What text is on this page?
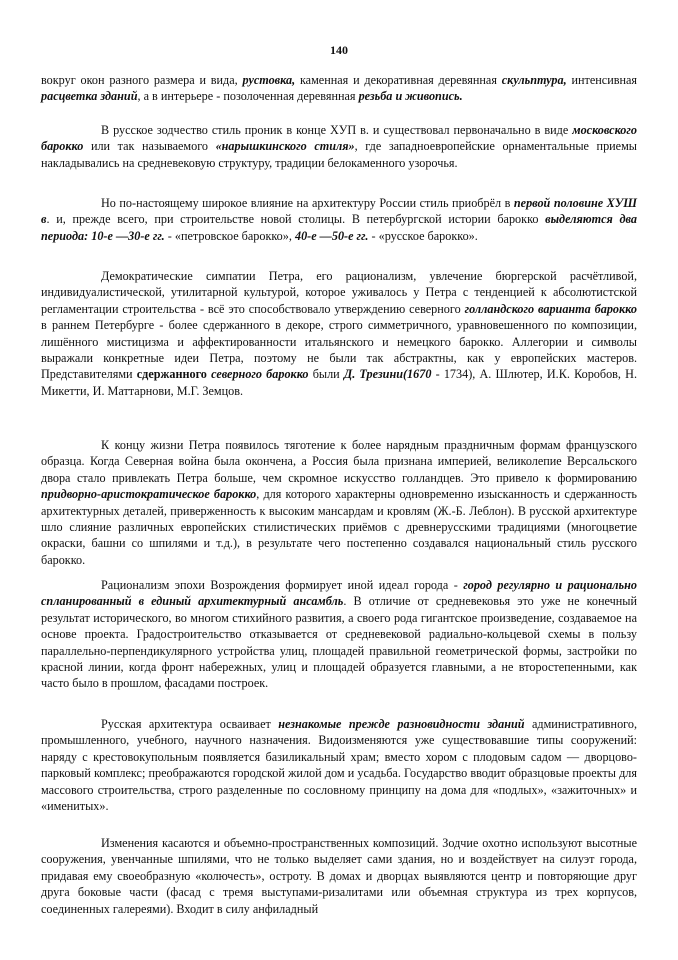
140

вокруг окон разного размера и вида, рустовка, каменная и декоративная деревянная скульптура, интенсивная расцветка зданий, а в интерьере - позолоченная деревянная резьба и живопись.

В русское зодчество стиль проник в конце ХУП в. и существовал первоначально в виде московского барокко или так называемого «нарышкинского стиля», где западноевропейские орнаментальные приемы накладывались на средневековую структуру, традиции белокаменного узорочья.

Но по-настоящему широкое влияние на архитектуру России стиль приобрёл в первой половине ХУШ в. и, прежде всего, при строительстве новой столицы. В петербургской истории барокко выделяются два периода: 10-е —30-е гг. - «петровское барокко», 40-е —50-е гг. - «русское барокко».

Демократические симпатии Петра, его рационализм, увлечение бюргерской расчётливой, индивидуалистической, утилитарной культурой, которое уживалось у Петра с тенденцией к абсолютистской регламентации строительства - всё это способствовало утверждению северного голландского варианта барокко в раннем Петербурге - более сдержанного в декоре, строго симметричного, уравновешенного по композиции, лишённого мистицизма и аффектированности итальянского и немецкого барокко. Аллегории и символы выражали конкретные идеи Петра, поэтому не были так абстрактны, как у европейских мастеров. Представителями сдержанного северного барокко были Д. Трезини(1670 - 1734), А. Шлютер, И.К. Коробов, Н. Микетти, И. Маттарнови, М.Г. Земцов.

К концу жизни Петра появилось тяготение к более нарядным праздничным формам французского образца. Когда Северная война была окончена, а Россия была признана империей, великолепие Версальского двора стало привлекать Петра больше, чем скромное искусство голландцев. Это привело к формированию придворно-аристократическое барокко, для которого характерны одновременно изысканность и сдержанность архитектурных деталей, приверженность к высоким мансардам и кровлям (Ж.-Б. Леблон). В русской архитектуре шло слияние различных европейских стилистических приёмов с древнерусскими традициями (многоцветие окраски, башни со шпилями и т.д.), в результате чего постепенно создавался национальный стиль русского барокко.

Рационализм эпохи Возрождения формирует иной идеал города - город регулярно и рационально спланированный в единый архитектурный ансамбль. В отличие от средневековья это уже не конечный результат исторического, во многом стихийного развития, а своего рода гигантское произведение, создаваемое на основе проекта. Градостроительство отказывается от средневековой радиально-кольцевой схемы в пользу параллельно-перпендикулярного устройства улиц, площадей правильной геометрической формы, застройки по красной линии, когда фронт набережных, улиц и площадей образуется главными, а не второстепенными, как часто было в прошлом, фасадами построек.

Русская архитектура осваивает незнакомые прежде разновидности зданий административного, промышленного, учебного, научного назначения. Видоизменяются уже существовавшие типы сооружений: наряду с крестовокупольным появляется базиликальный храм; вместо хором с плодовым садом — дворцово-парковый комплекс; преображаются городской жилой дом и усадьба. Государство вводит образцовые проекты для массового строительства, строго разделенные по сословному принципу на дома для «подлых», «зажиточных» и «именитых».

Изменения касаются и объемно-пространственных композиций. Зодчие охотно используют высотные сооружения, увенчанные шпилями, что не только выделяет сами здания, но и воздействует на силуэт города, придавая ему своеобразную «колючесть», остроту. В домах и дворцах выявляются центр и повторяющие друг друга боковые части (фасад с тремя выступами-ризалитами или объемная структура из трех корпусов, соединенных галереями). Входит в силу анфиладный
